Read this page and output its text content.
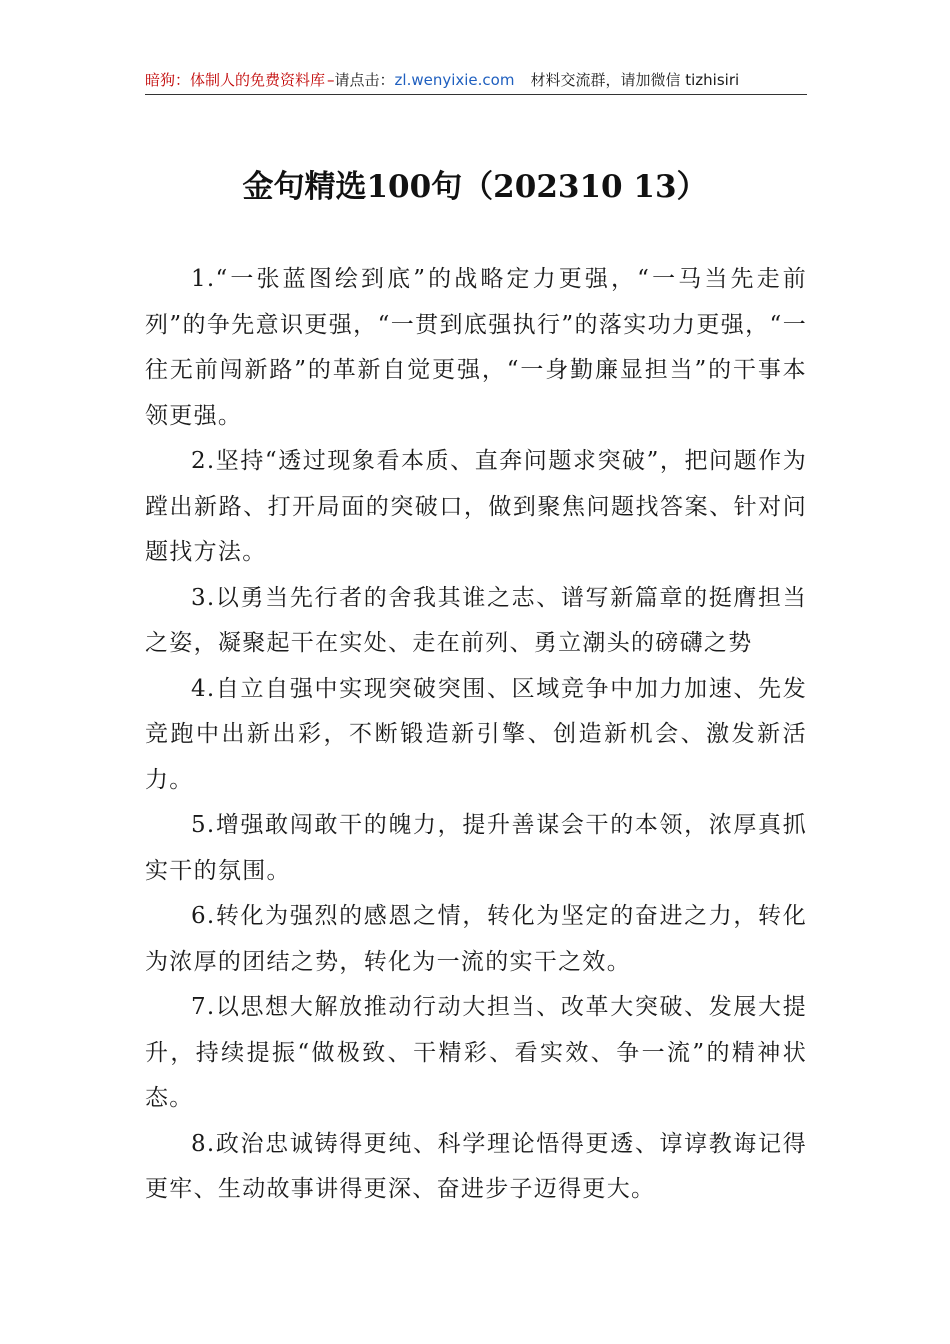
暗狗：体制人的免费资料库 –请点击：zl.wenyixie.com 材料交流群，请加微信 tizhisiri
金句精选100句（202310 13）

1.“一张蓝图绘到底”的战略定力更强，“一马当先走前列”的争先意识更强，“一贯到底强执行”的落实功力更强，“一往无前闯新路”的革新自觉更强，“一身勤廉显担当”的干事本领更强。

2.坚持“透过现象看本质、直奔问题求突破”，把问题作为蹚出新路、打开局面的突破口，做到聚焦问题找答案、针对问题找方法。

3.以勇当先行者的舍我其谁之志、谱写新篇章的挺膺担当之姿，凝聚起干在实处、走在前列、勇立潮头的磅礴之势

4.自立自强中实现突破突围、区域竞争中加力加速、先发竞跑中出新出彩，不断锻造新引擎、创造新机会、激发新活力。

5.增强敢闯敢干的魄力，提升善谋会干的本领，浓厚真抓实干的氛围。

6.转化为强烈的感恩之情，转化为坚定的奋进之力，转化为浓厚的团结之势，转化为一流的实干之效。

7.以思想大解放推动行动大担当、改革大突破、发展大提升，持续提振“做极致、干精彩、看实效、争一流”的精神状态。

8.政治忠诚铸得更纯、科学理论悟得更透、谆谆教诲记得更牢、生动故事讲得更深、奋进步子迈得更大。
